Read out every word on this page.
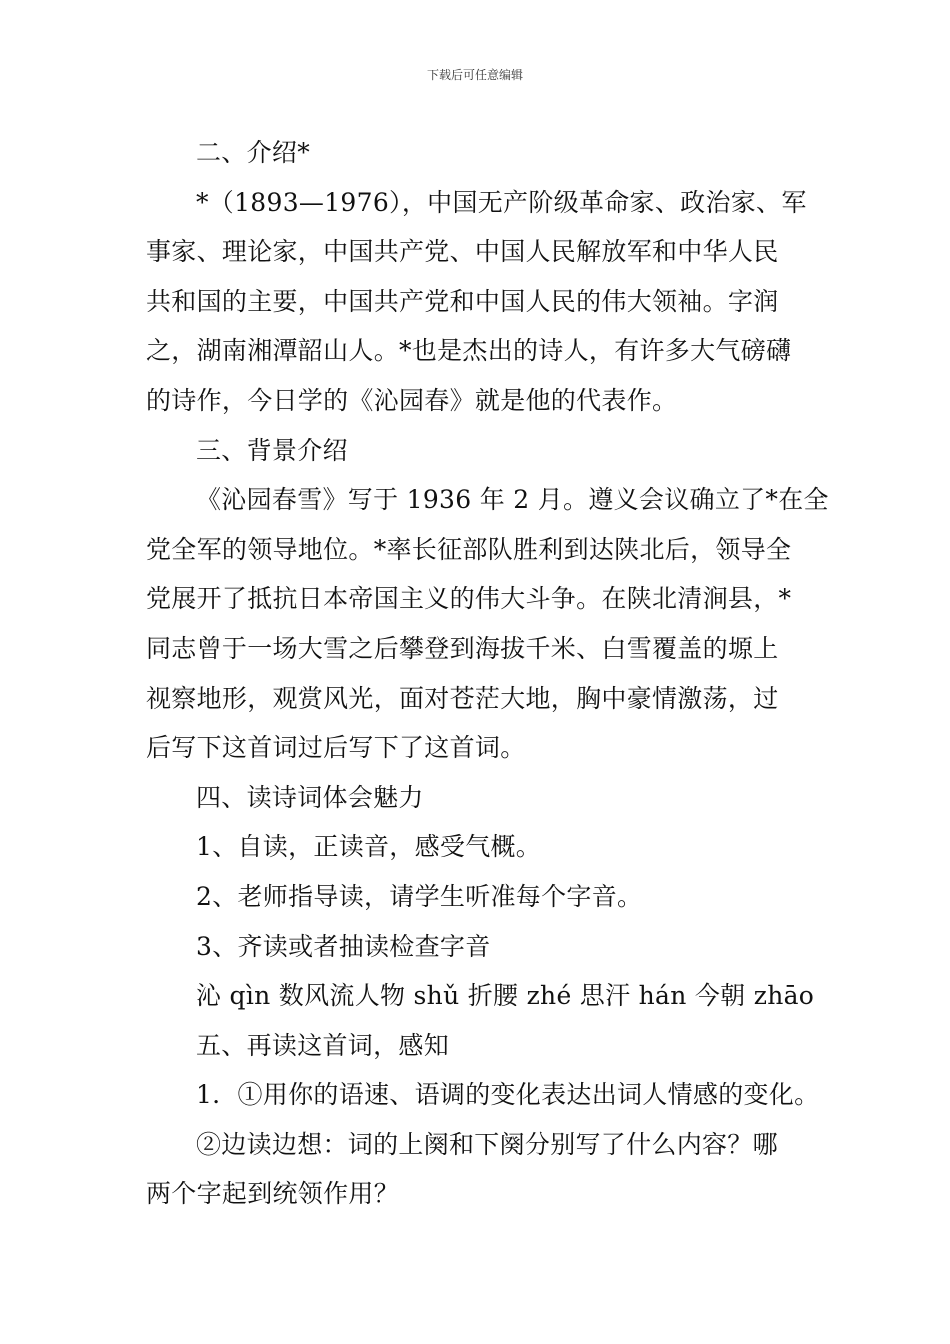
下载后可任意编辑
二、介绍*
*（1893—1976），中国无产阶级革命家、政治家、军
事家、理论家，中国共产党、中国人民解放军和中华人民
共和国的主要，中国共产党和中国人民的伟大领袖。字润
之，湖南湘潭韶山人。*也是杰出的诗人，有许多大气磅礴
的诗作，今日学的《沁园春》就是他的代表作。
三、背景介绍
《沁园春雪》写于 1936 年 2 月。遵义会议确立了*在全
党全军的领导地位。*率长征部队胜利到达陕北后，领导全
党展开了抵抗日本帝国主义的伟大斗争。在陕北清涧县，*
同志曾于一场大雪之后攀登到海拔千米、白雪覆盖的塬上
视察地形，观赏风光，面对苍茫大地，胸中豪情激荡，过
后写下这首词过后写下了这首词。
四、读诗词体会魅力
1、自读，正读音，感受气概。
2、老师指导读，请学生听准每个字音。
3、齐读或者抽读检查字音
沁 qìn 数风流人物 shǔ 折腰 zhé 思汗 hán 今朝 zhāo
五、再读这首词，感知
1．①用你的语速、语调的变化表达出词人情感的变化。
②边读边想：词的上阕和下阕分别写了什么内容？哪
两个字起到统领作用？
